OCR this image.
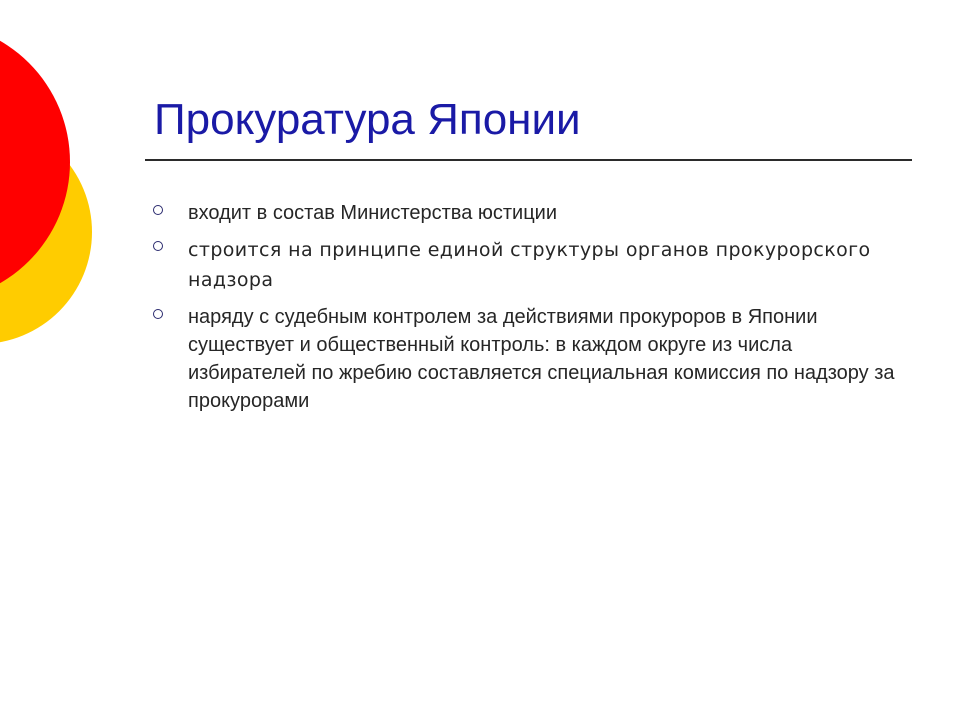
Прокуратура Японии
входит в состав Министерства юстиции
строится на принципе единой структуры органов прокурорского надзора
наряду с судебным контролем за действиями прокуроров в Японии существует и общественный контроль: в каждом округе из числа избирателей по жребию составляется специальная комиссия по надзору за прокурорами
